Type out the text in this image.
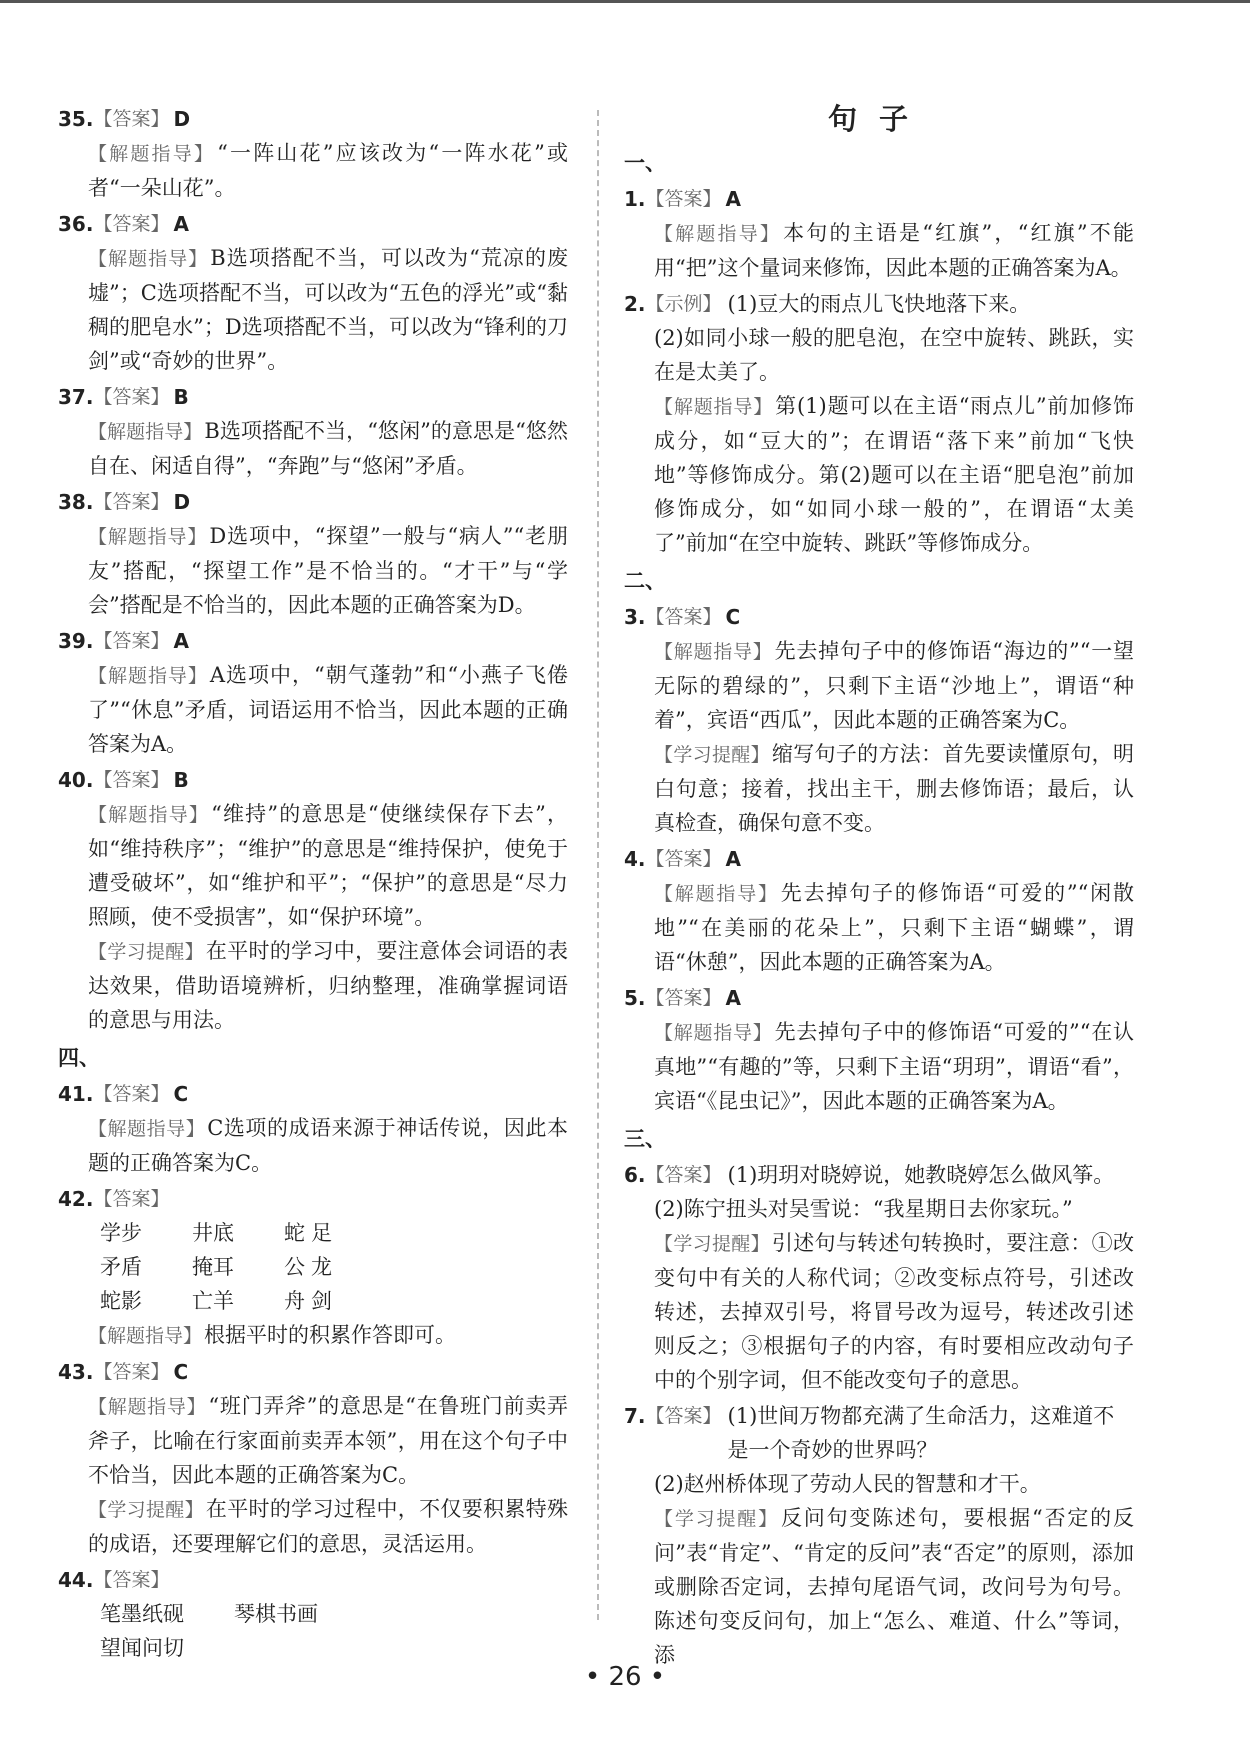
35. 【答案】 D
【解题指导】“一阵山花”应该改为“一阵水花”或者“一朵山花”。
36. 【答案】 A
【解题指导】B选项搭配不当，可以改为“荒凉的废墟”；C选项搭配不当，可以改为“五色的浮光”或“黏稠的肥皂水”；D选项搭配不当，可以改为“锋利的刀剑”或“奇妙的世界”。
37. 【答案】 B
【解题指导】B选项搭配不当，“悠闲”的意思是“悠然自在、闲适自得”，“奔跑”与“悠闲”矛盾。
38. 【答案】 D
【解题指导】D选项中，“探望”一般与“病人”“老朋友”搭配，“探望工作”是不恰当的。“才干”与“学会”搭配是不恰当的，因此本题的正确答案为D。
39. 【答案】 A
【解题指导】A选项中，“朝气蓬勃”和“小燕子飞倦了”“休息”矛盾，词语运用不恰当，因此本题的正确答案为A。
40. 【答案】 B
【解题指导】“维持”的意思是“使继续保存下去”，如“维持秩序”；“维护”的意思是“维持保护，使免于遭受破坏”，如“维护和平”；“保护”的意思是“尽力照顾，使不受损害”，如“保护环境”。
【学习提醒】在平时的学习中，要注意体会词语的表达效果，借助语境辨析，归纳整理，准确掌握词语的意思与用法。
四、
41. 【答案】 C
【解题指导】C选项的成语来源于神话传说，因此本题的正确答案为C。
42. 【答案】
学步	井底	蛇足
矛盾	掩耳	公龙
蛇影	亡羊	舟剑
【解题指导】根据平时的积累作答即可。
43. 【答案】 C
【解题指导】“班门弄斧”的意思是“在鲁班门前卖弄斧子，比喻在行家面前卖弄本领”，用在这个句子中不恰当，因此本题的正确答案为C。
【学习提醒】在平时的学习过程中，不仅要积累特殊的成语，还要理解它们的意思，灵活运用。
44. 【答案】
笔墨纸砚	琴棋书画
望闻问切
句子
一、
1. 【答案】 A
【解题指导】本句的主语是“红旗”，“红旗”不能用“把”这个量词来修饰，因此本题的正确答案为A。
2. 【示例】 (1)豆大的雨点儿飞快地落下来。
(2)如同小球一般的肥皂泡，在空中旋转、跳跃，实在是太美了。
【解题指导】第(1)题可以在主语“雨点儿”前加修饰成分，如“豆大的”；在谓语“落下来”前加“飞快地”等修饰成分。第(2)题可以在主语“肥皂泡”前加修饰成分，如“如同小球一般的”，在谓语“太美了”前加“在空中旋转、跳跃”等修饰成分。
二、
3. 【答案】 C
【解题指导】先去掉句子中的修饰语“海边的”“一望无际的碧绿的”，只剩下主语“沙地上”，谓语“种着”，宾语“西瓜”，因此本题的正确答案为C。
【学习提醒】缩写句子的方法：首先要读懂原句，明白句意；接着，找出主干，删去修饰语；最后，认真检查，确保句意不变。
4. 【答案】 A
【解题指导】先去掉句子的修饰语“可爱的”“闲散地”“在美丽的花朵上”，只剩下主语“蝴蝶”，谓语“休憩”，因此本题的正确答案为A。
5. 【答案】 A
【解题指导】先去掉句子中的修饰语“可爱的”“在认真地”“有趣的”等，只剩下主语“玥玥”，谓语“看”，宾语“《昆虫记》”，因此本题的正确答案为A。
三、
6. 【答案】 (1)玥玥对晓婷说，她教晓婷怎么做风筝。
(2)陈宁扭头对吴雪说：“我星期日去你家玩。”
【学习提醒】引述句与转述句转换时，要注意：①改变句中有关的人称代词；②改变标点符号，引述改转述，去掉双引号，将冒号改为逗号，转述改引述则反之；③根据句子的内容，有时要相应改动句子中的个别字词，但不能改变句子的意思。
7. 【答案】 (1)世间万物都充满了生命活力，这难道不是一个奇妙的世界吗？
(2)赵州桥体现了劳动人民的智慧和才干。
【学习提醒】反问句变陈述句，要根据“否定的反问”表“肯定”、“肯定的反问”表“否定”的原则，添加或删除否定词，去掉句尾语气词，改问号为句号。陈述句变反问句，加上“怎么、难道、什么”等词，添
• 26 •
